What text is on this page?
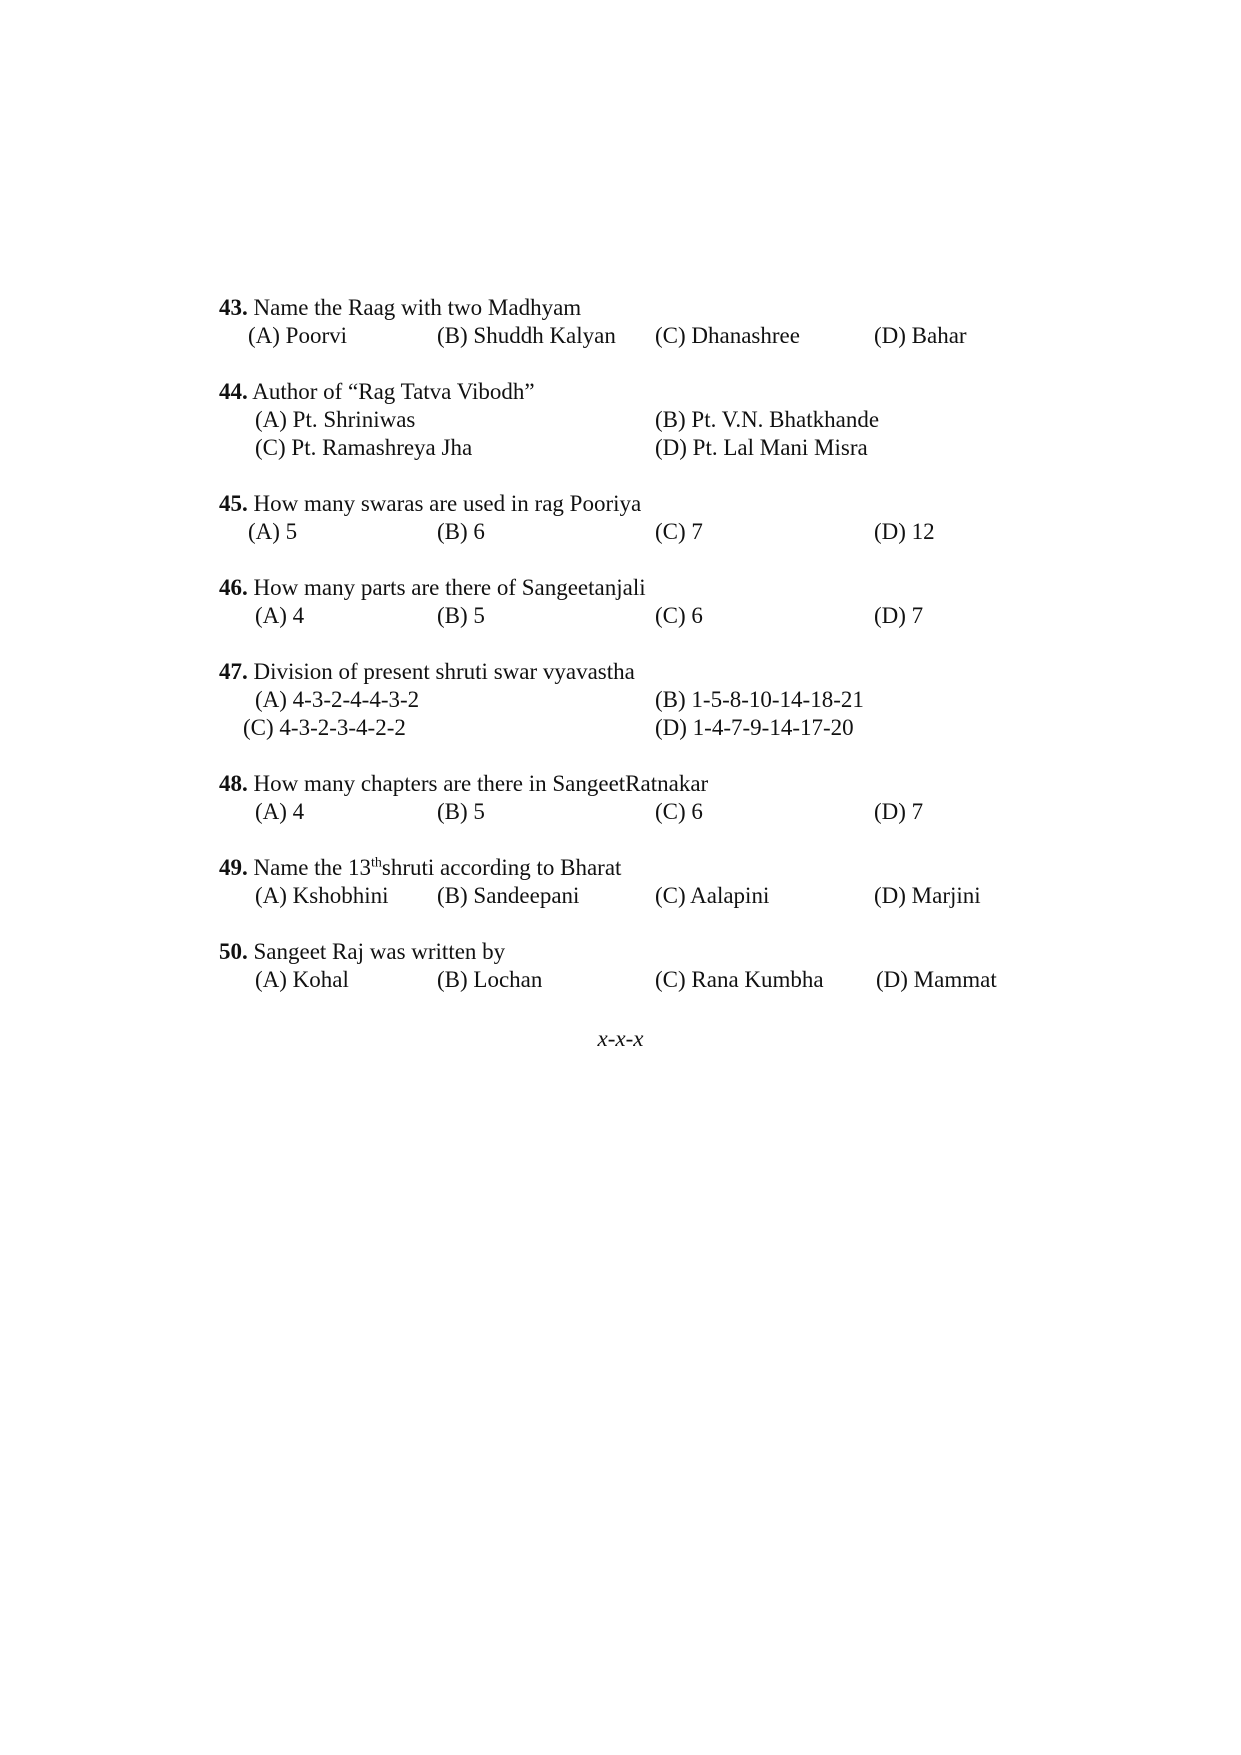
43. Name the Raag with two Madhyam
(A) Poorvi	(B) Shuddh Kalyan (C) Dhanashree	(D) Bahar
44. Author of “Rag Tatva Vibodh”
(A) Pt. Shriniwas	(B) Pt. V.N. Bhatkhande
(C) Pt. Ramashreya Jha	(D) Pt. Lal Mani Misra
45. How many swaras are used in rag Pooriya
(A) 5	(B) 6	(C) 7	(D) 12
46. How many parts are there of Sangeetanjali
(A) 4	(B) 5	(C) 6	(D) 7
47. Division of present shruti swar vyavastha
(A) 4-3-2-4-4-3-2	(B) 1-5-8-10-14-18-21
(C) 4-3-2-3-4-2-2	(D) 1-4-7-9-14-17-20
48. How many chapters are there in SangeetRatnakar
(A) 4	(B) 5	(C) 6	(D) 7
49. Name the 13thshruti according to Bharat
(A) Kshobhini (B) Sandeepani	(C) Aalapini	(D) Marjini
50. Sangeet Raj was written by
(A) Kohal	(B) Lochan	(C) Rana Kumbha (D) Mammat
x-x-x
